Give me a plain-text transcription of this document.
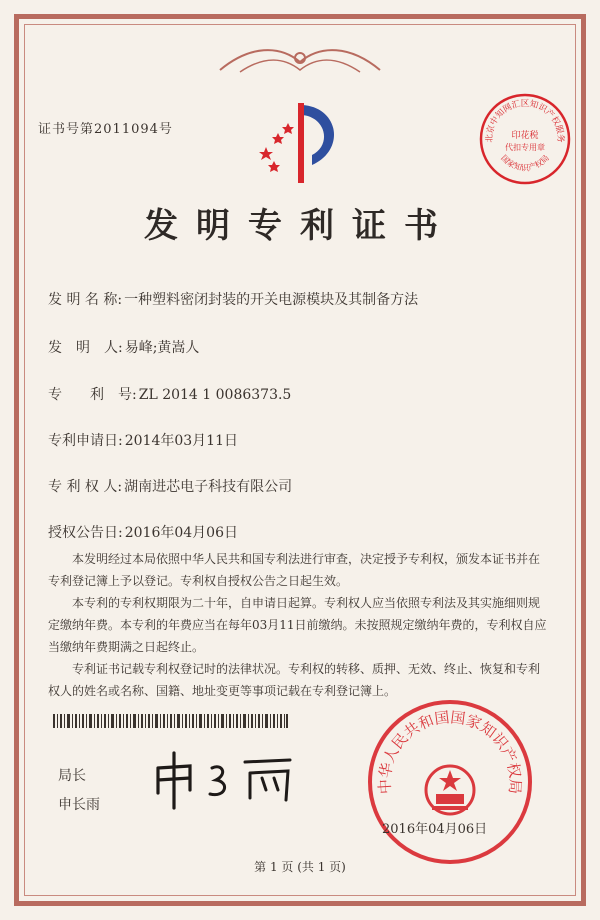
证书号第2011094号
北京中知网汇区知识产权服务
印花税
代扣专用章
国家知识产权局
发明专利证书
发 明 名 称: 一种塑料密闭封装的开关电源模块及其制备方法
发　明　人: 易峰;黄嵩人
专　　利　号: ZL 2014 1 0086373.5
专利申请日: 2014年03月11日
专 利 权 人: 湖南进芯电子科技有限公司
授权公告日: 2016年04月06日

本发明经过本局依照中华人民共和国专利法进行审查，决定授予专利权，颁发本证书并在专利登记簿上予以登记。专利权自授权公告之日起生效。

本专利的专利权期限为二十年，自申请日起算。专利权人应当依照专利法及其实施细则规定缴纳年费。本专利的年费应当在每年03月11日前缴纳。未按照规定缴纳年费的，专利权自应当缴纳年费期满之日起终止。

专利证书记载专利权登记时的法律状况。专利权的转移、质押、无效、终止、恢复和专利权人的姓名或名称、国籍、地址变更等事项记载在专利登记簿上。

局长
申长雨
中华人民共和国国家知识产权局
2016年04月06日
第 1 页 (共 1 页)
